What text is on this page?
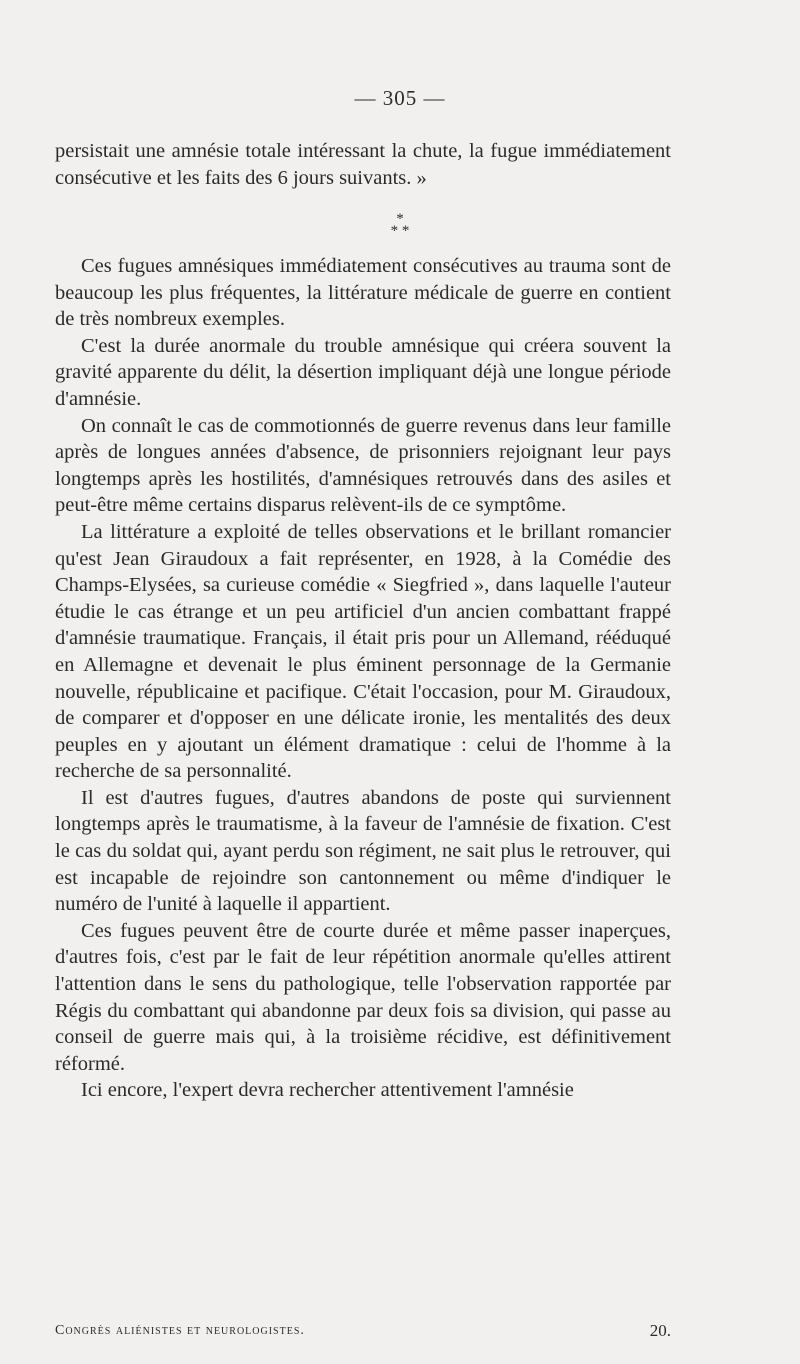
— 305 —

persistait une amnésie totale intéressant la chute, la fugue immédiatement consécutive et les faits des 6 jours suivants. »

*
* *

Ces fugues amnésiques immédiatement consécutives au trauma sont de beaucoup les plus fréquentes, la littérature médicale de guerre en contient de très nombreux exemples.

C'est la durée anormale du trouble amnésique qui créera souvent la gravité apparente du délit, la désertion impliquant déjà une longue période d'amnésie.

On connaît le cas de commotionnés de guerre revenus dans leur famille après de longues années d'absence, de prisonniers rejoignant leur pays longtemps après les hostilités, d'amnésiques retrouvés dans des asiles et peut-être même certains disparus relèvent-ils de ce symptôme.

La littérature a exploité de telles observations et le brillant romancier qu'est Jean Giraudoux a fait représenter, en 1928, à la Comédie des Champs-Elysées, sa curieuse comédie « Siegfried », dans laquelle l'auteur étudie le cas étrange et un peu artificiel d'un ancien combattant frappé d'amnésie traumatique. Français, il était pris pour un Allemand, rééduqué en Allemagne et devenait le plus éminent personnage de la Germanie nouvelle, républicaine et pacifique. C'était l'occasion, pour M. Giraudoux, de comparer et d'opposer en une délicate ironie, les mentalités des deux peuples en y ajoutant un élément dramatique : celui de l'homme à la recherche de sa personnalité.

Il est d'autres fugues, d'autres abandons de poste qui surviennent longtemps après le traumatisme, à la faveur de l'amnésie de fixation. C'est le cas du soldat qui, ayant perdu son régiment, ne sait plus le retrouver, qui est incapable de rejoindre son cantonnement ou même d'indiquer le numéro de l'unité à laquelle il appartient.

Ces fugues peuvent être de courte durée et même passer inaperçues, d'autres fois, c'est par le fait de leur répétition anormale qu'elles attirent l'attention dans le sens du pathologique, telle l'observation rapportée par Régis du combattant qui abandonne par deux fois sa division, qui passe au conseil de guerre mais qui, à la troisième récidive, est définitivement réformé.

Ici encore, l'expert devra rechercher attentivement l'amnésie

Congrès aliénistes et neurologistes.	20.
